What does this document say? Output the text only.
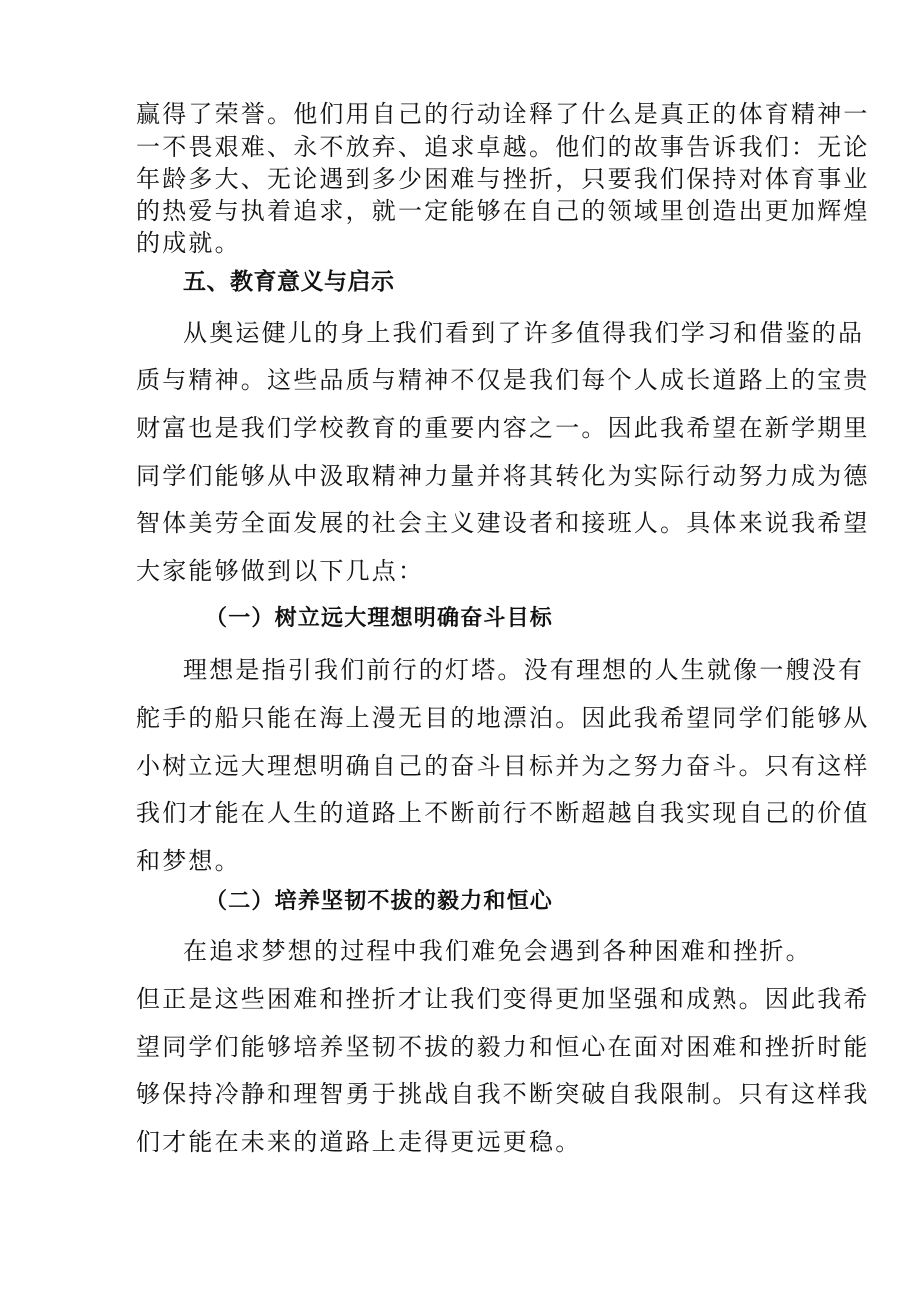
赢得了荣誉。他们用自己的行动诠释了什么是真正的体育精神一

一不畏艰难、永不放弃、追求卓越。他们的故事告诉我们：无论

年龄多大、无论遇到多少困难与挫折，只要我们保持对体育事业

的热爱与执着追求，就一定能够在自己的领域里创造出更加辉煌

的成就。

五、教育意义与启示

从奥运健儿的身上我们看到了许多值得我们学习和借鉴的品

质与精神。这些品质与精神不仅是我们每个人成长道路上的宝贵

财富也是我们学校教育的重要内容之一。因此我希望在新学期里

同学们能够从中汲取精神力量并将其转化为实际行动努力成为德

智体美劳全面发展的社会主义建设者和接班人。具体来说我希望

大家能够做到以下几点：

（一）树立远大理想明确奋斗目标

理想是指引我们前行的灯塔。没有理想的人生就像一艘没有

舵手的船只能在海上漫无目的地漂泊。因此我希望同学们能够从

小树立远大理想明确自己的奋斗目标并为之努力奋斗。只有这样

我们才能在人生的道路上不断前行不断超越自我实现自己的价值

和梦想。

（二）培养坚韧不拔的毅力和恒心

在追求梦想的过程中我们难免会遇到各种困难和挫折。

但正是这些困难和挫折才让我们变得更加坚强和成熟。因此我希

望同学们能够培养坚韧不拔的毅力和恒心在面对困难和挫折时能

够保持冷静和理智勇于挑战自我不断突破自我限制。只有这样我

们才能在未来的道路上走得更远更稳。
